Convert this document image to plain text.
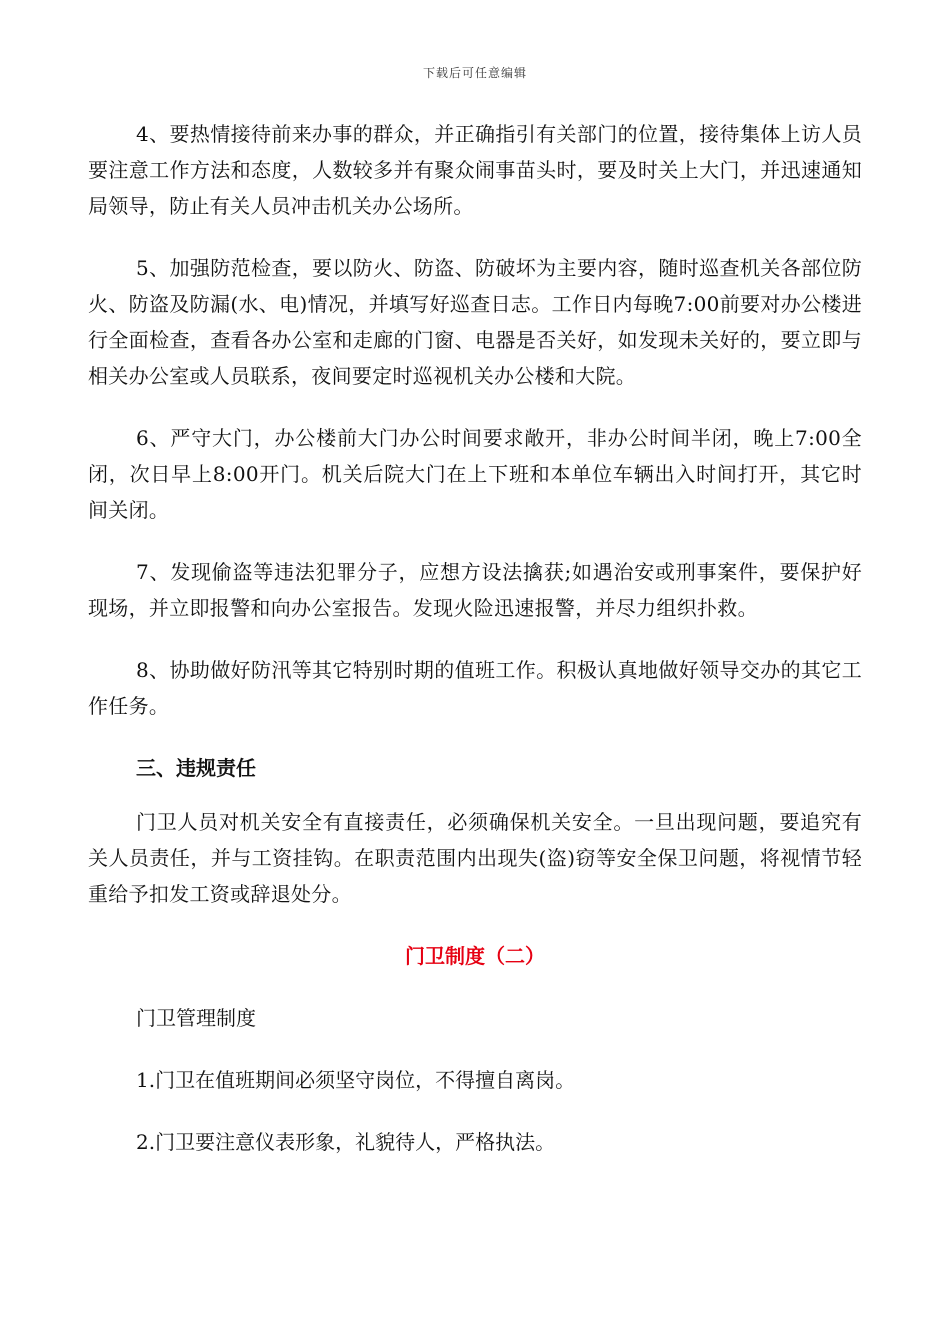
下载后可任意编辑

4、要热情接待前来办事的群众，并正确指引有关部门的位置，接待集体上访人员要注意工作方法和态度，人数较多并有聚众闹事苗头时，要及时关上大门，并迅速通知局领导，防止有关人员冲击机关办公场所。

5、加强防范检查，要以防火、防盗、防破坏为主要内容，随时巡查机关各部位防火、防盗及防漏(水、电)情况，并填写好巡查日志。工作日内每晚7:00前要对办公楼进行全面检查，查看各办公室和走廊的门窗、电器是否关好，如发现未关好的，要立即与相关办公室或人员联系，夜间要定时巡视机关办公楼和大院。

6、严守大门，办公楼前大门办公时间要求敞开，非办公时间半闭，晚上7:00全闭，次日早上8:00开门。机关后院大门在上下班和本单位车辆出入时间打开，其它时间关闭。

7、发现偷盗等违法犯罪分子，应想方设法擒获;如遇治安或刑事案件，要保护好现场，并立即报警和向办公室报告。发现火险迅速报警，并尽力组织扑救。

8、协助做好防汛等其它特别时期的值班工作。积极认真地做好领导交办的其它工作任务。

三、违规责任

门卫人员对机关安全有直接责任，必须确保机关安全。一旦出现问题，要追究有关人员责任，并与工资挂钩。在职责范围内出现失(盗)窃等安全保卫问题，将视情节轻重给予扣发工资或辞退处分。

门卫制度（二）

门卫管理制度

1.门卫在值班期间必须坚守岗位，不得擅自离岗。

2.门卫要注意仪表形象，礼貌待人，严格执法。
